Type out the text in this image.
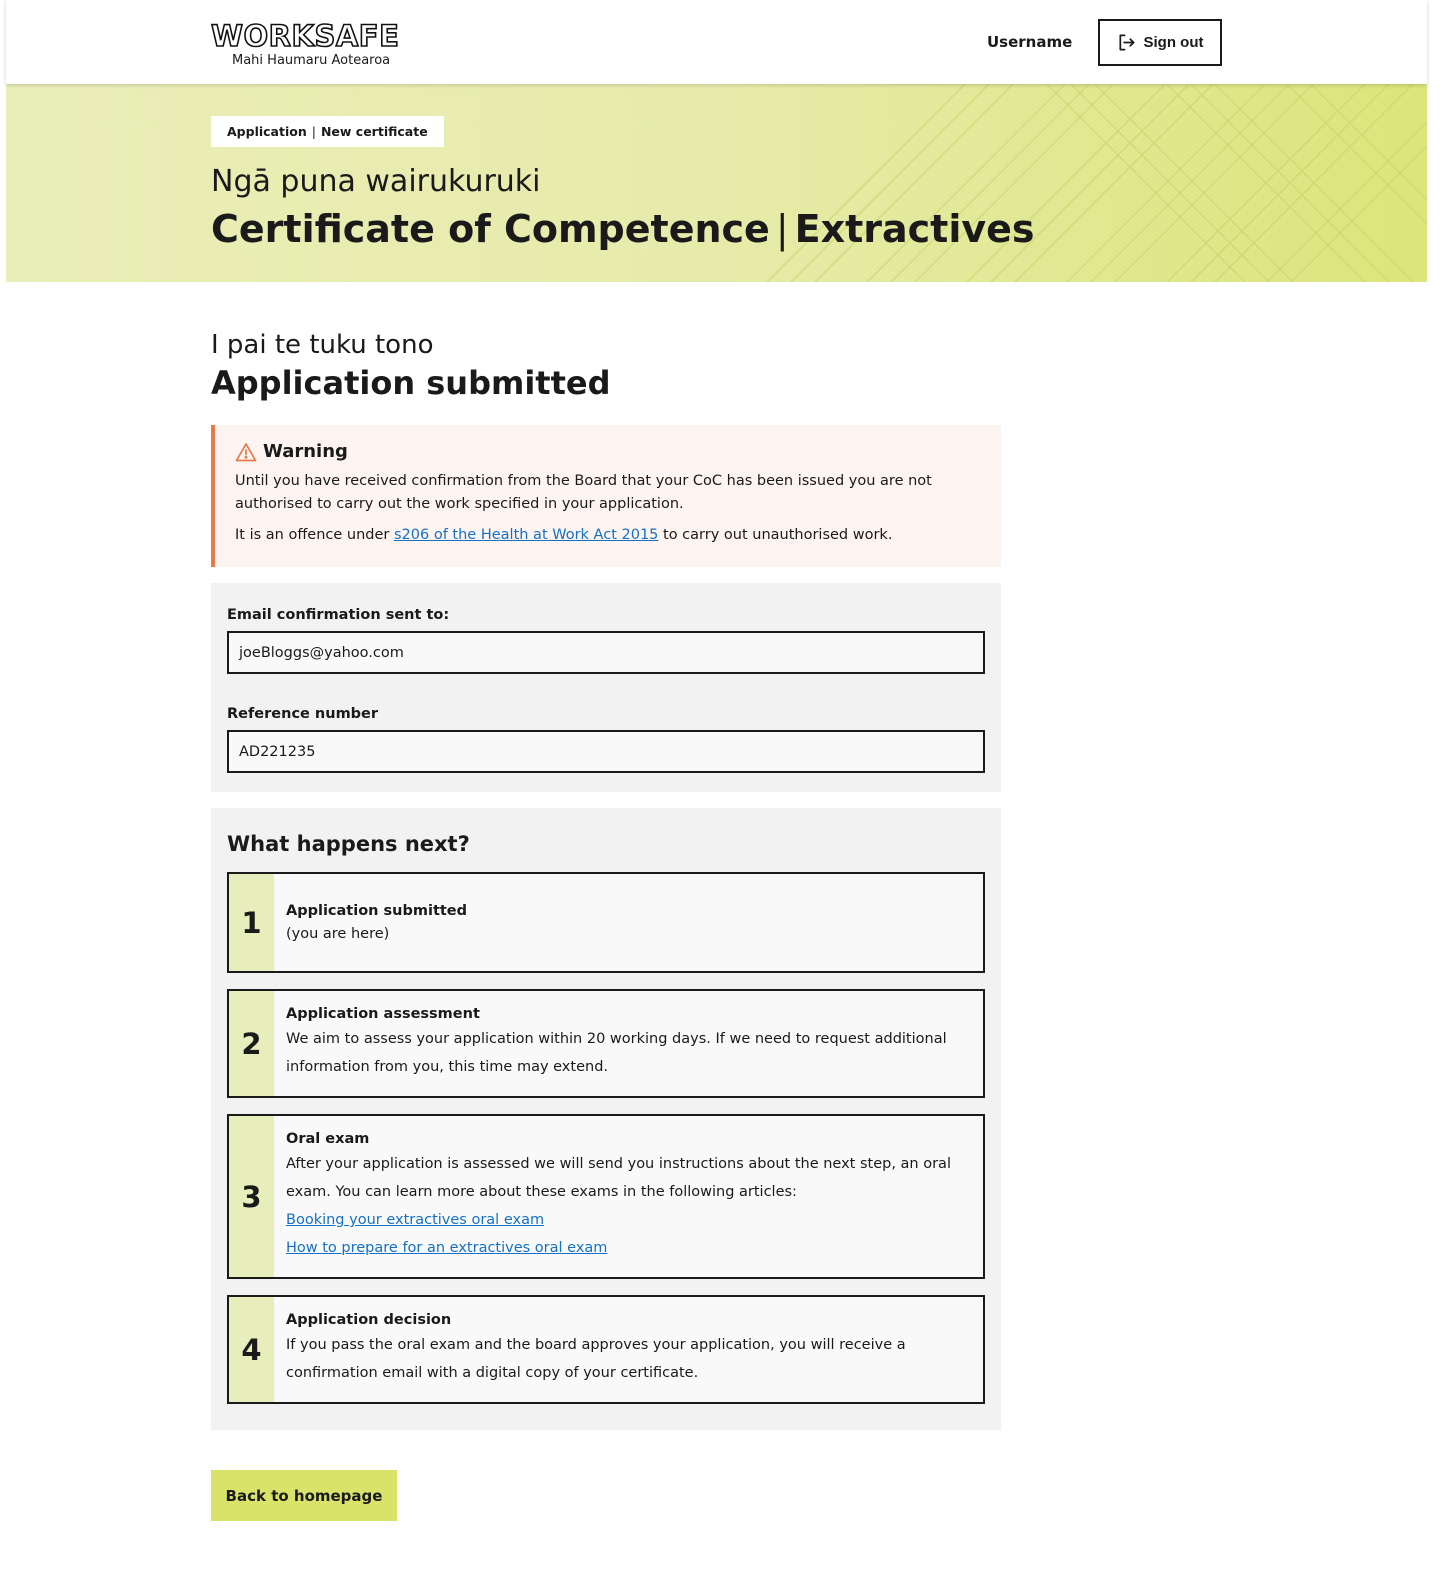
WORKSAFE
Mahi Haumaru Aotearoa
Username	Sign out
Application | New certificate
Ngā puna wairukuruki
Certificate of Competence | Extractives
I pai te tuku tono
Application submitted
Warning

Until you have received confirmation from the Board that your CoC has been issued you are not authorised to carry out the work specified in your application.

It is an offence under s206 of the Health at Work Act 2015 to carry out unauthorised work.

Email confirmation sent to:
joeBloggs@yahoo.com
Reference number
AD221235
What happens next?
1	Application submitted
(you are here)
2
Application assessment
We aim to assess your application within 20 working days. If we need to request additional information from you, this time may extend.
3
Oral exam
After your application is assessed we will send you instructions about the next step, an oral exam. You can learn more about these exams in the following articles:
Booking your extractives oral exam
How to prepare for an extractives oral exam
4
Application decision
If you pass the oral exam and the board approves your application, you will receive a confirmation email with a digital copy of your certificate.
Back to homepage
